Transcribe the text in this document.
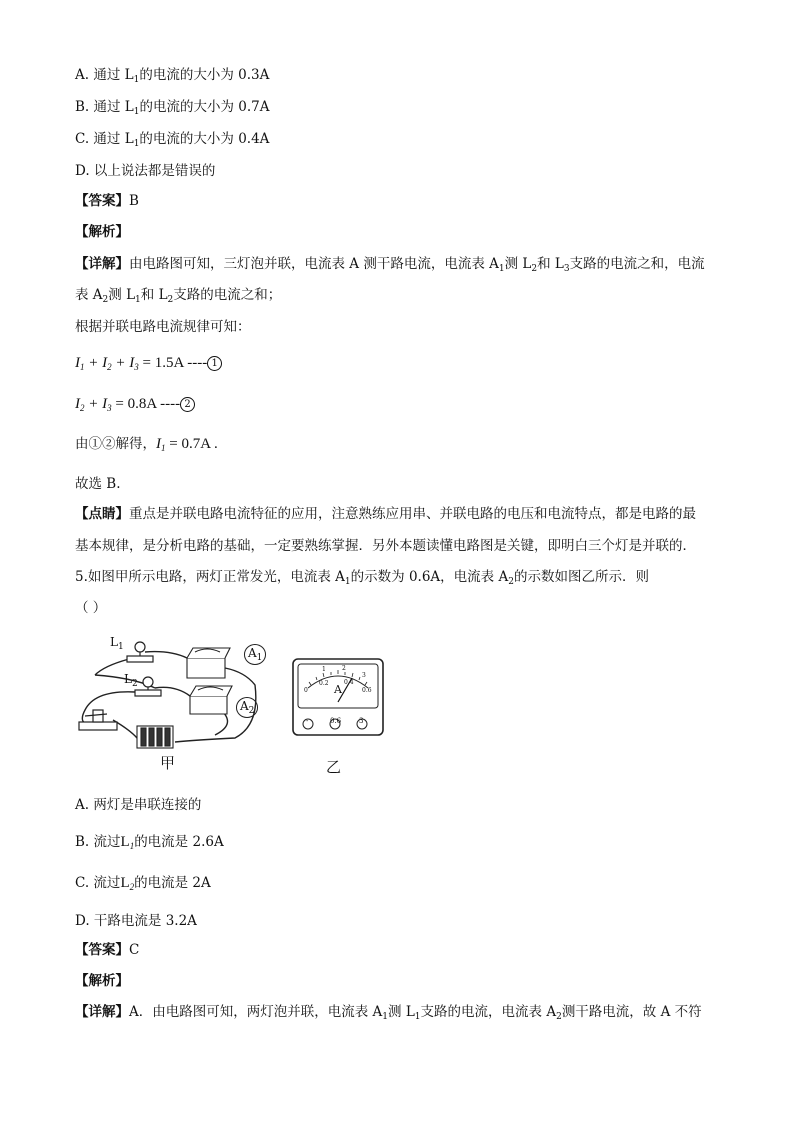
A. 通过 $L_1$的电流的大小为 0.3A
B. 通过 $L_1$的电流的大小为 0.7A
C. 通过 $L_1$的电流的大小为 0.4A
D. 以上说法都是错误的
【答案】B
【解析】
【详解】由电路图可知，三灯泡并联，电流表 A 测干路电流，电流表 $A_1$测 $L_2$和 $L_3$支路的电流之和，电流
表 $A_2$测 $L_1$和 $L_2$支路的电流之和；
根据并联电路电流规律可知：
$I_1 + I_2 + I_3 = 1.5A$ ---- 1
$I_2 + I_3 = 0.8A$ ---- 2
由①②解得，$I_1 = 0.7A$ .
故选 B.
【点睛】重点是并联电路电流特征的应用，注意熟练应用串、并联电路的电压和电流特点，都是电路的最
基本规律，是分析电路的基础，一定要熟练掌握．另外本题读懂电路图是关键，即明白三个灯是并联的．
5.如图甲所示电路，两灯正常发光，电流表 $A_1$的示数为 0.6A，电流表 $A_2$的示数如图乙所示．则
（ ）
$L_1$
$L_2$
$A_1$
$A_2$
甲
A
0.2	0.4
0.6
1	2
3
0
-	0.6	3
乙
A. 两灯是串联连接的
B. 流过$L_1$的电流是 2.6A
C. 流过$L_2$的电流是 2A
D. 干路电流是 3.2A
【答案】C
【解析】
【详解】A．由电路图可知，两灯泡并联，电流表 $A_1$测 $L_1$支路的电流，电流表 $A_2$测干路电流，故 A 不符
